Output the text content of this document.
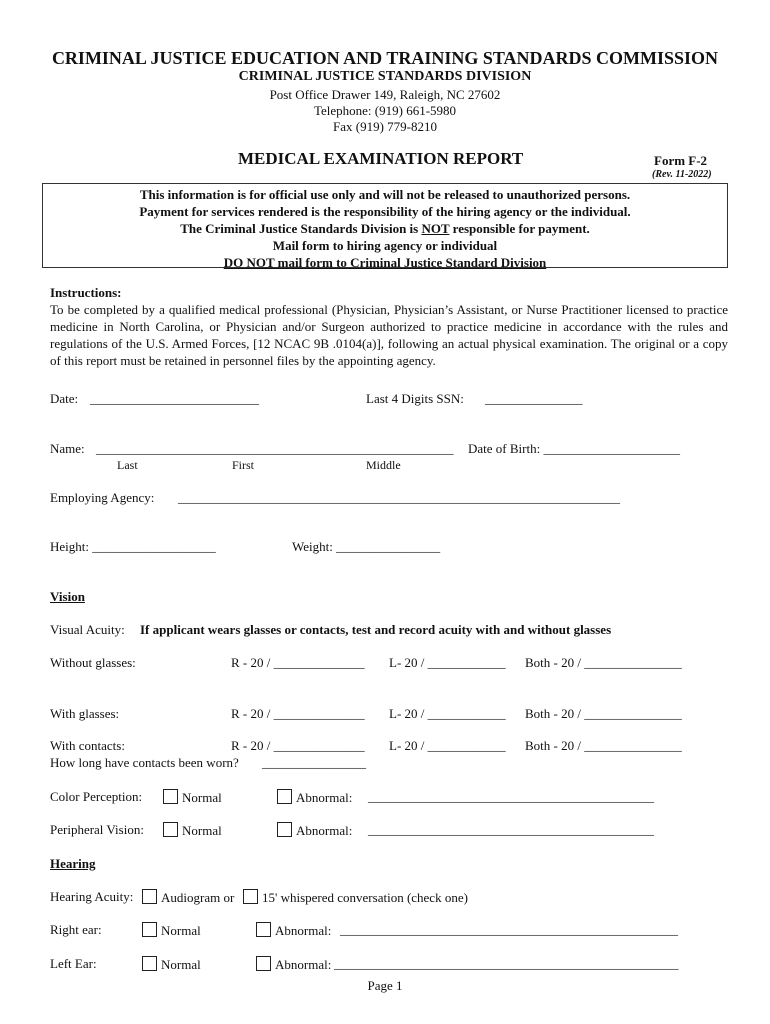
CRIMINAL JUSTICE EDUCATION AND TRAINING STANDARDS COMMISSION
CRIMINAL JUSTICE STANDARDS DIVISION
Post Office Drawer 149, Raleigh, NC 27602
Telephone: (919) 661-5980
Fax (919) 779-8210
MEDICAL EXAMINATION REPORT	Form F-2
(Rev. 11-2022)
This information is for official use only and will not be released to unauthorized persons.
Payment for services rendered is the responsibility of the hiring agency or the individual.
The Criminal Justice Standards Division is NOT responsible for payment.
Mail form to hiring agency or individual
DO NOT mail form to Criminal Justice Standard Division
Instructions:
To be completed by a qualified medical professional (Physician, Physician’s Assistant, or Nurse Practitioner licensed to practice medicine in North Carolina, or Physician and/or Surgeon authorized to practice medicine in accordance with the rules and regulations of the U.S. Armed Forces, [12 NCAC 9B .0104(a)], following an actual physical examination. The original or a copy of this report must be retained in personnel files by the appointing agency.
Date: __________________________	Last 4 Digits SSN: _______________
Name: _______________________________________________________ Date of Birth: _____________________
Last	First	Middle
Employing Agency: ____________________________________________________________________
Height: ___________________	Weight: ________________
Vision
Visual Acuity: If applicant wears glasses or contacts, test and record acuity with and without glasses
Without glasses:	R - 20 / ______________ L- 20 / ____________ Both - 20 / _______________
With glasses:	R - 20 / ______________ L- 20 / ____________ Both - 20 / _______________
With contacts:	R - 20 / ______________ L- 20 / ____________ Both - 20 / _______________
How long have contacts been worn? ________________
Color Perception:	Normal	Abnormal: ____________________________________________
Peripheral Vision:	Normal	Abnormal: ____________________________________________
Hearing
Hearing Acuity:	Audiogram or	15' whispered conversation (check one)
Right ear:	Normal	Abnormal: ____________________________________________________
Left Ear:	Normal	Abnormal: _____________________________________________________
Page 1
